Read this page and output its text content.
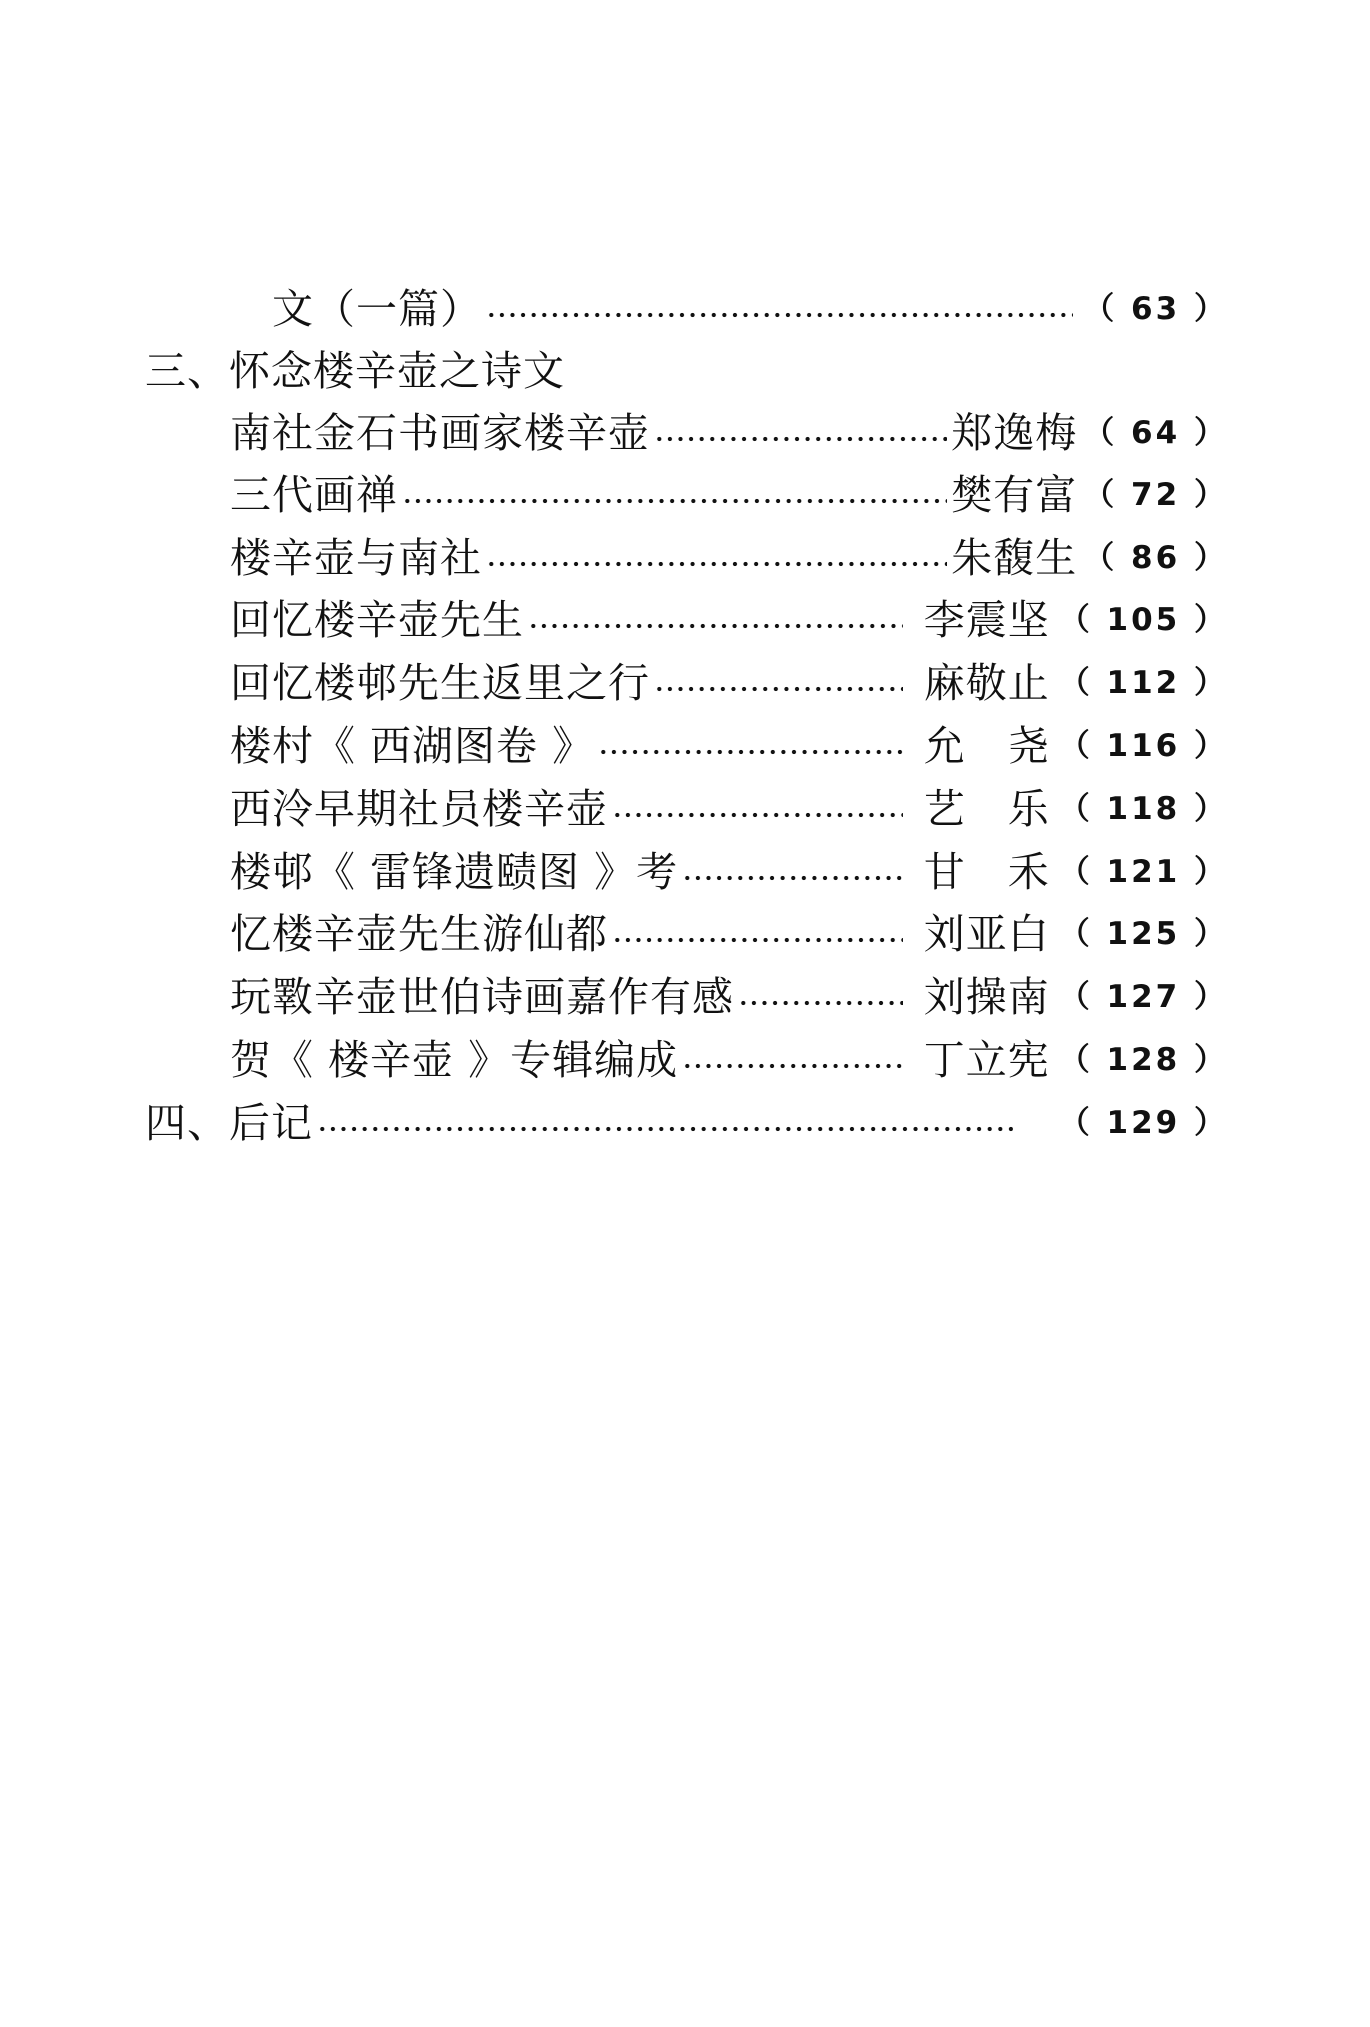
文（一篇）	（ 63 ）
三、怀念楼辛壶之诗文
南社金石书画家楼辛壶	郑逸梅 （ 64 ）
三代画禅	樊有富 （ 72 ）
楼辛壶与南社	朱馥生 （ 86 ）
回忆楼辛壶先生	李震坚 （ 105 ）
回忆楼邨先生返里之行	麻敬止 （ 112 ）
楼村《 西湖图卷 》	允　尧 （ 116 ）
西泠早期社员楼辛壶	艺　乐 （ 118 ）
楼邨《 雷锋遗赜图 》考	甘　禾 （ 121 ）
忆楼辛壶先生游仙都	刘亚白 （ 125 ）
玩斁辛壶世伯诗画嘉作有感	刘操南 （ 127 ）
贺《 楼辛壶 》专辑编成	丁立宪 （ 128 ）
四、后记	（ 129 ）
